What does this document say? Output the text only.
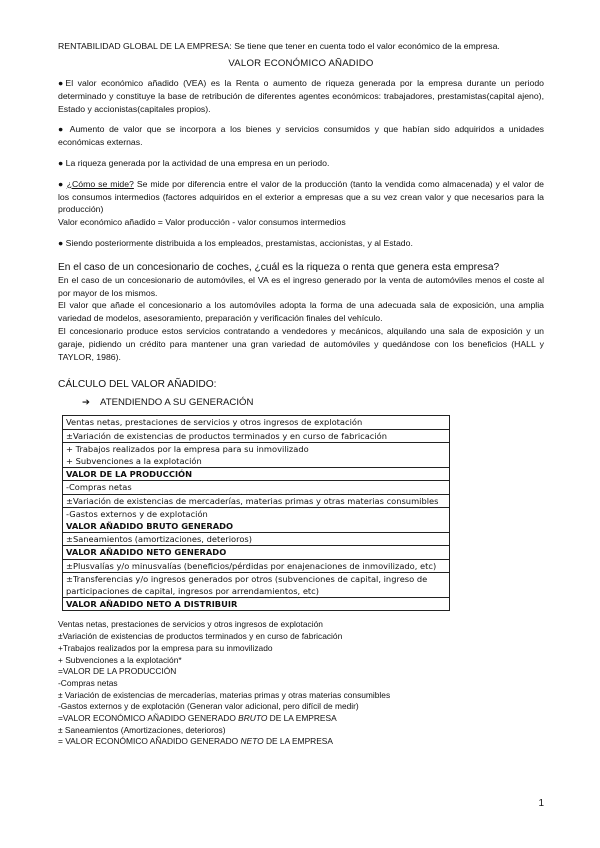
RENTABILIDAD GLOBAL DE LA EMPRESA: Se tiene que tener en cuenta todo el valor económico de la empresa.

VALOR ECONÓMICO AÑADIDO

●El valor económico añadido (VEA) es la Renta o aumento de riqueza generada por la empresa durante un periodo determinado y constituye la base de retribución de diferentes agentes económicos: trabajadores, prestamistas(capital ajeno), Estado y accionistas(capitales propios).

● Aumento de valor que se incorpora a los bienes y servicios consumidos y que habían sido adquiridos a unidades económicas externas.

● La riqueza generada por la actividad de una empresa en un periodo.

● ¿Cómo se mide? Se mide por diferencia entre el valor de la producción (tanto la vendida como almacenada) y el valor de los consumos intermedios (factores adquiridos en el exterior a empresas que a su vez crean valor y que necesarios para la producción)

Valor económico añadido = Valor producción - valor consumos intermedios

● Siendo posteriormente distribuida a los empleados, prestamistas, accionistas, y al Estado.

En el caso de un concesionario de coches, ¿cuál es la riqueza o renta que genera esta empresa?

En el caso de un concesionario de automóviles, el VA es el ingreso generado por la venta de automóviles menos el coste al por mayor de los mismos.

El valor que añade el concesionario a los automóviles adopta la forma de una adecuada sala de exposición, una amplia variedad de modelos, asesoramiento, preparación y verificación finales del vehículo.

El concesionario produce estos servicios contratando a vendedores y mecánicos, alquilando una sala de exposición y un garaje, pidiendo un crédito para mantener una gran variedad de automóviles y quedándose con los beneficios (HALL y TAYLOR, 1986).

CÁLCULO DEL VALOR AÑADIDO:

➔ ATENDIENDO A SU GENERACIÓN

Ventas netas, prestaciones de servicios y otros ingresos de explotación
±Variación de existencias de productos terminados y en curso de fabricación
+ Trabajos realizados por la empresa para su inmovilizado
+ Subvenciones a la explotación
VALOR DE LA PRODUCCIÓN
-Compras netas
±Variación de existencias de mercaderías, materias primas y otras materias consumibles
-Gastos externos y de explotación
VALOR AÑADIDO BRUTO GENERADO
±Saneamientos (amortizaciones, deterioros)
VALOR AÑADIDO NETO GENERADO
±Plusvalías y/o minusvalías (beneficios/pérdidas por enajenaciones de inmovilizado, etc)
±Transferencias y/o ingresos generados por otros (subvenciones de capital, ingreso de participaciones de capital, ingresos por arrendamientos, etc)
VALOR AÑADIDO NETO A DISTRIBUIR
Ventas netas, prestaciones de servicios y otros ingresos de explotación
±Variación de existencias de productos terminados y en curso de fabricación
+Trabajos realizados por la empresa para su inmovilizado
+ Subvenciones a la explotación*
=VALOR DE LA PRODUCCIÓN
-Compras netas
± Variación de existencias de mercaderías, materias primas y otras materias consumibles
-Gastos externos y de explotación (Generan valor adicional, pero difícil de medir)
=VALOR ECONÓMICO AÑADIDO GENERADO BRUTO DE LA EMPRESA
± Saneamientos (Amortizaciones, deterioros)
= VALOR ECONÓMICO AÑADIDO GENERADO NETO DE LA EMPRESA
1
